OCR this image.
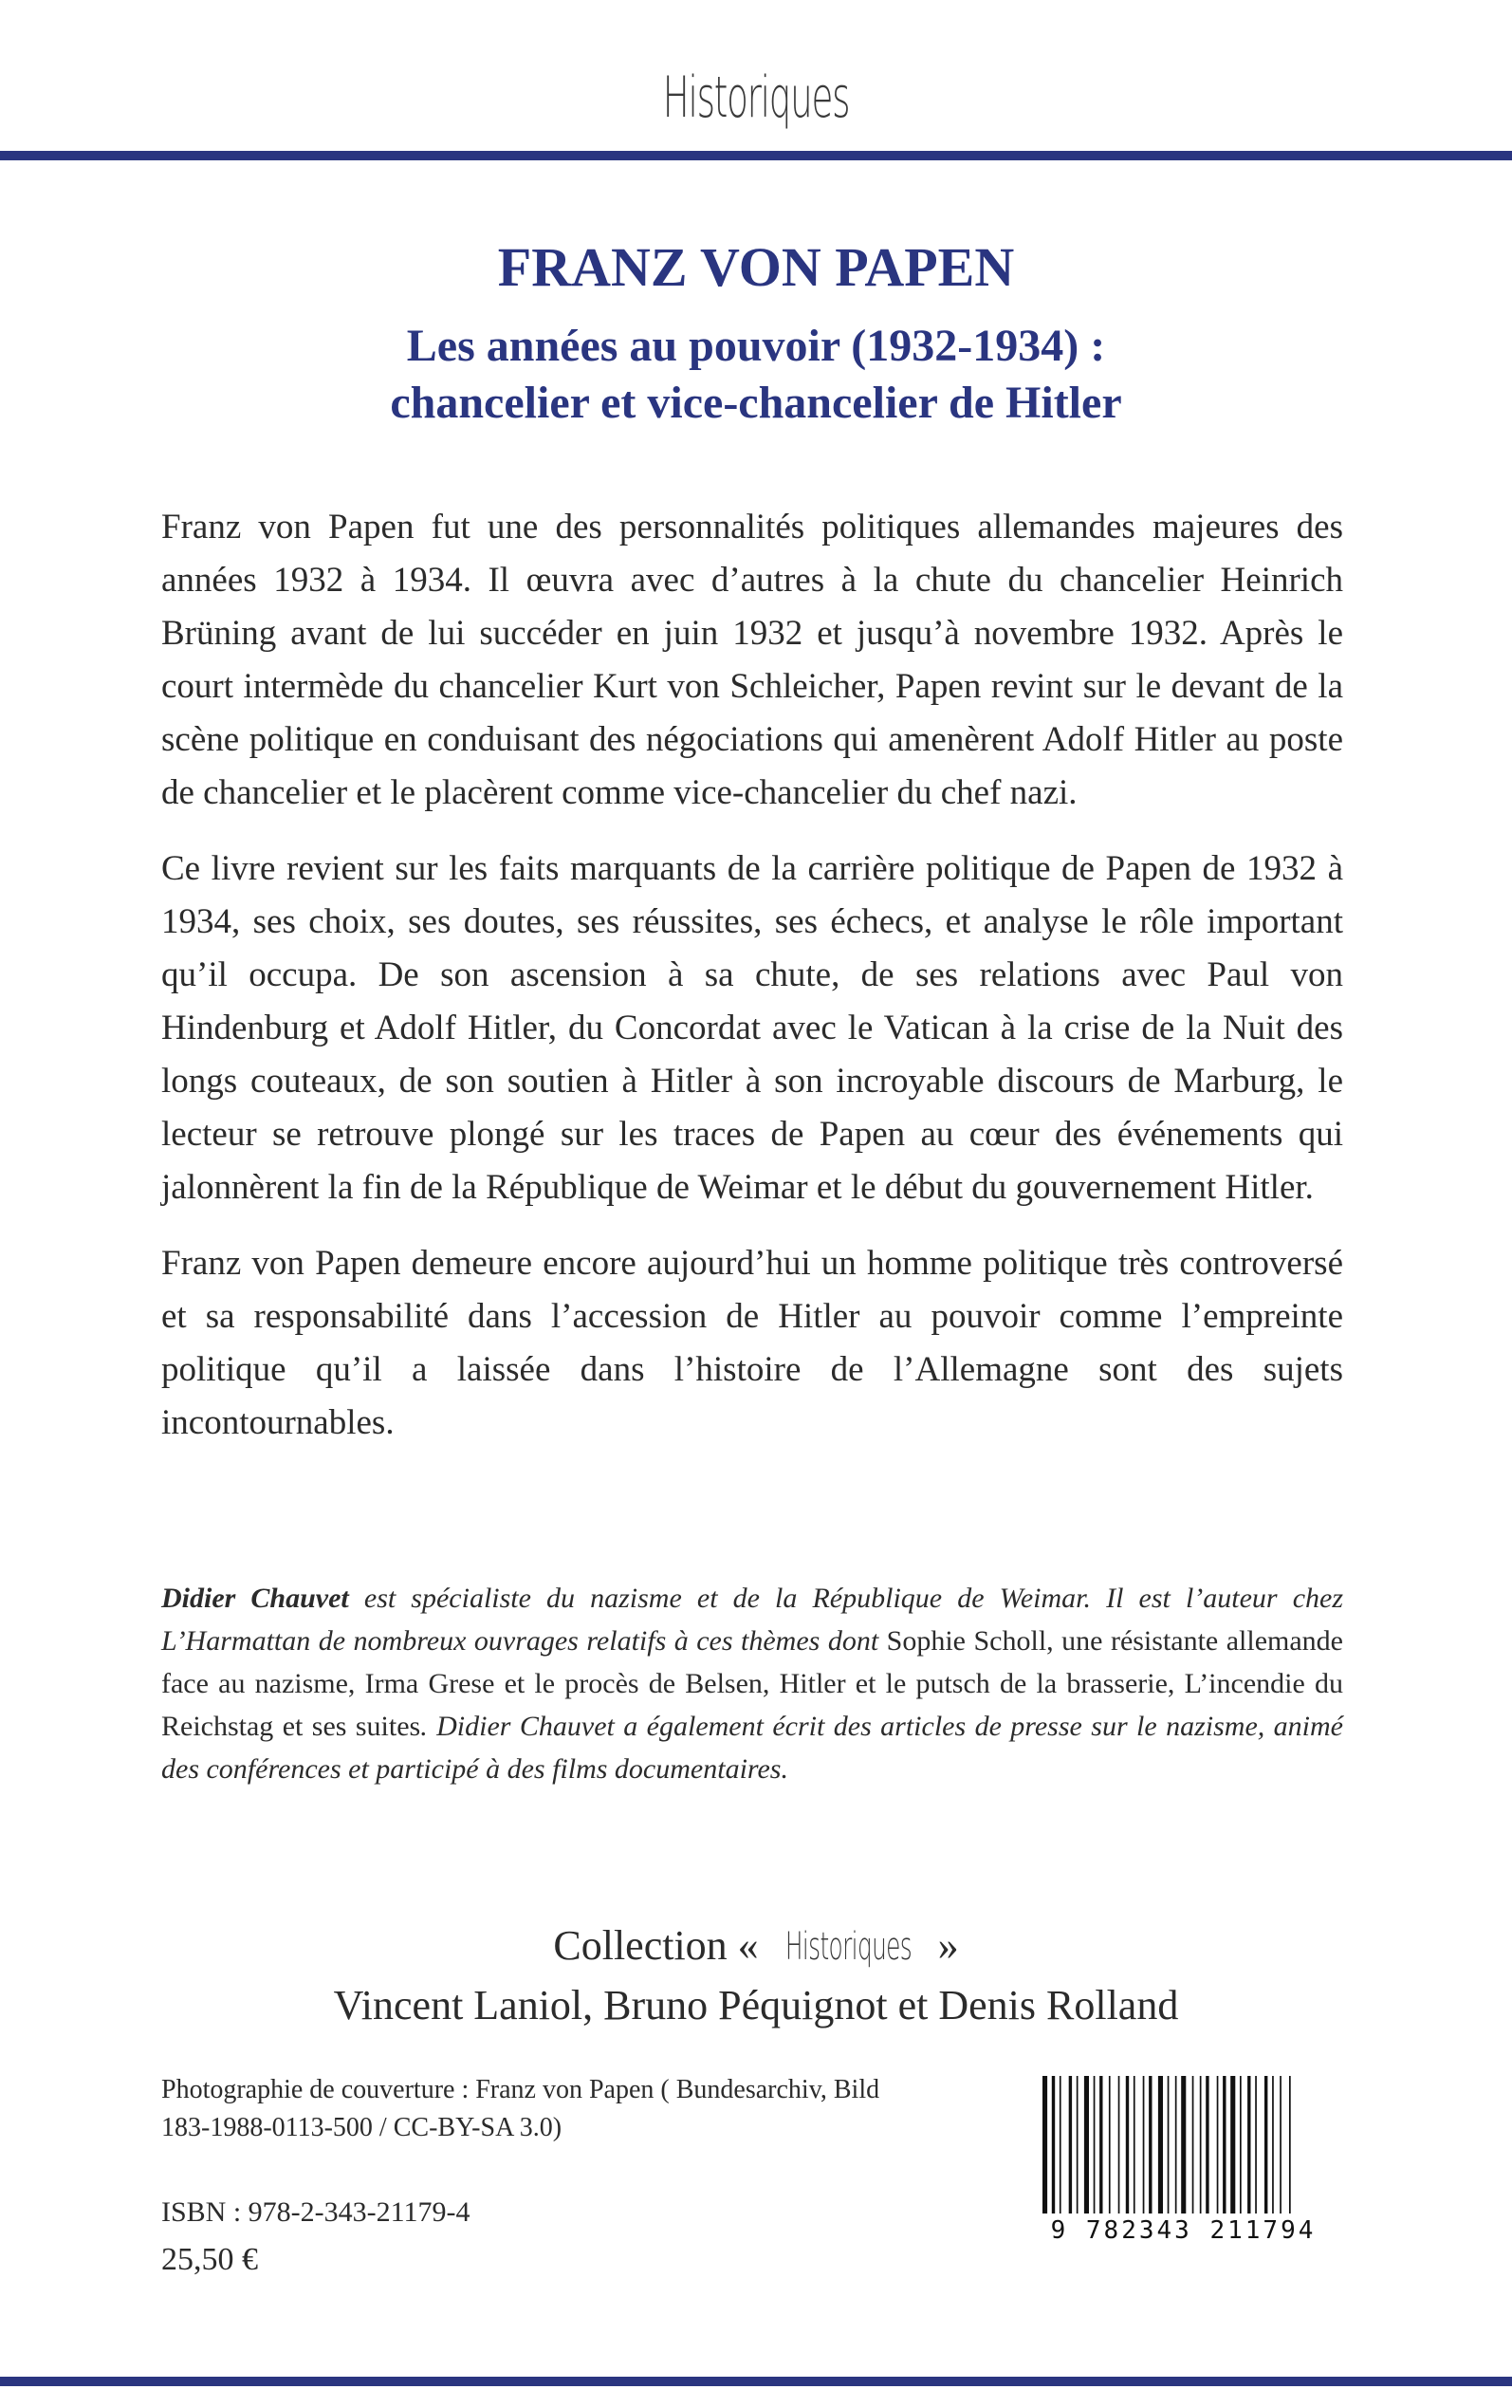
Historiques
FRANZ VON PAPEN
Les années au pouvoir (1932-1934) :
chancelier et vice-chancelier de Hitler

Franz von Papen fut une des personnalités politiques allemandes majeures des années 1932 à 1934. Il œuvra avec d’autres à la chute du chancelier Heinrich Brüning avant de lui succéder en juin 1932 et jusqu’à novembre 1932. Après le court intermède du chancelier Kurt von Schleicher, Papen revint sur le devant de la scène politique en conduisant des négociations qui amenèrent Adolf Hitler au poste de chancelier et le placèrent comme vice-chancelier du chef nazi.

Ce livre revient sur les faits marquants de la carrière politique de Papen de 1932 à 1934, ses choix, ses doutes, ses réussites, ses échecs, et analyse le rôle important qu’il occupa. De son ascension à sa chute, de ses relations avec Paul von Hindenburg et Adolf Hitler, du Concordat avec le Vatican à la crise de la Nuit des longs couteaux, de son soutien à Hitler à son incroyable discours de Marburg, le lecteur se retrouve plongé sur les traces de Papen au cœur des événements qui jalonnèrent la fin de la République de Weimar et le début du gouvernement Hitler.

Franz von Papen demeure encore aujourd’hui un homme politique très controversé et sa responsabilité dans l’accession de Hitler au pouvoir comme l’empreinte politique qu’il a laissée dans l’histoire de l’Allemagne sont des sujets incontournables.

Didier Chauvet est spécialiste du nazisme et de la République de Weimar. Il est l’auteur chez L’Harmattan de nombreux ouvrages relatifs à ces thèmes dont Sophie Scholl, une résistante allemande face au nazisme, Irma Grese et le procès de Belsen, Hitler et le putsch de la brasserie, L’incendie du Reichstag et ses suites. Didier Chauvet a également écrit des articles de presse sur le nazisme, animé des conférences et participé à des films documentaires.
Collection « Historiques »
Vincent Laniol, Bruno Péquignot et Denis Rolland
Photographie de couverture : Franz von Papen ( Bundesarchiv, Bild 183-1988-0113-500 / CC-BY-SA 3.0)
ISBN : 978-2-343-21179-4
25,50 €
9 782343 211794
